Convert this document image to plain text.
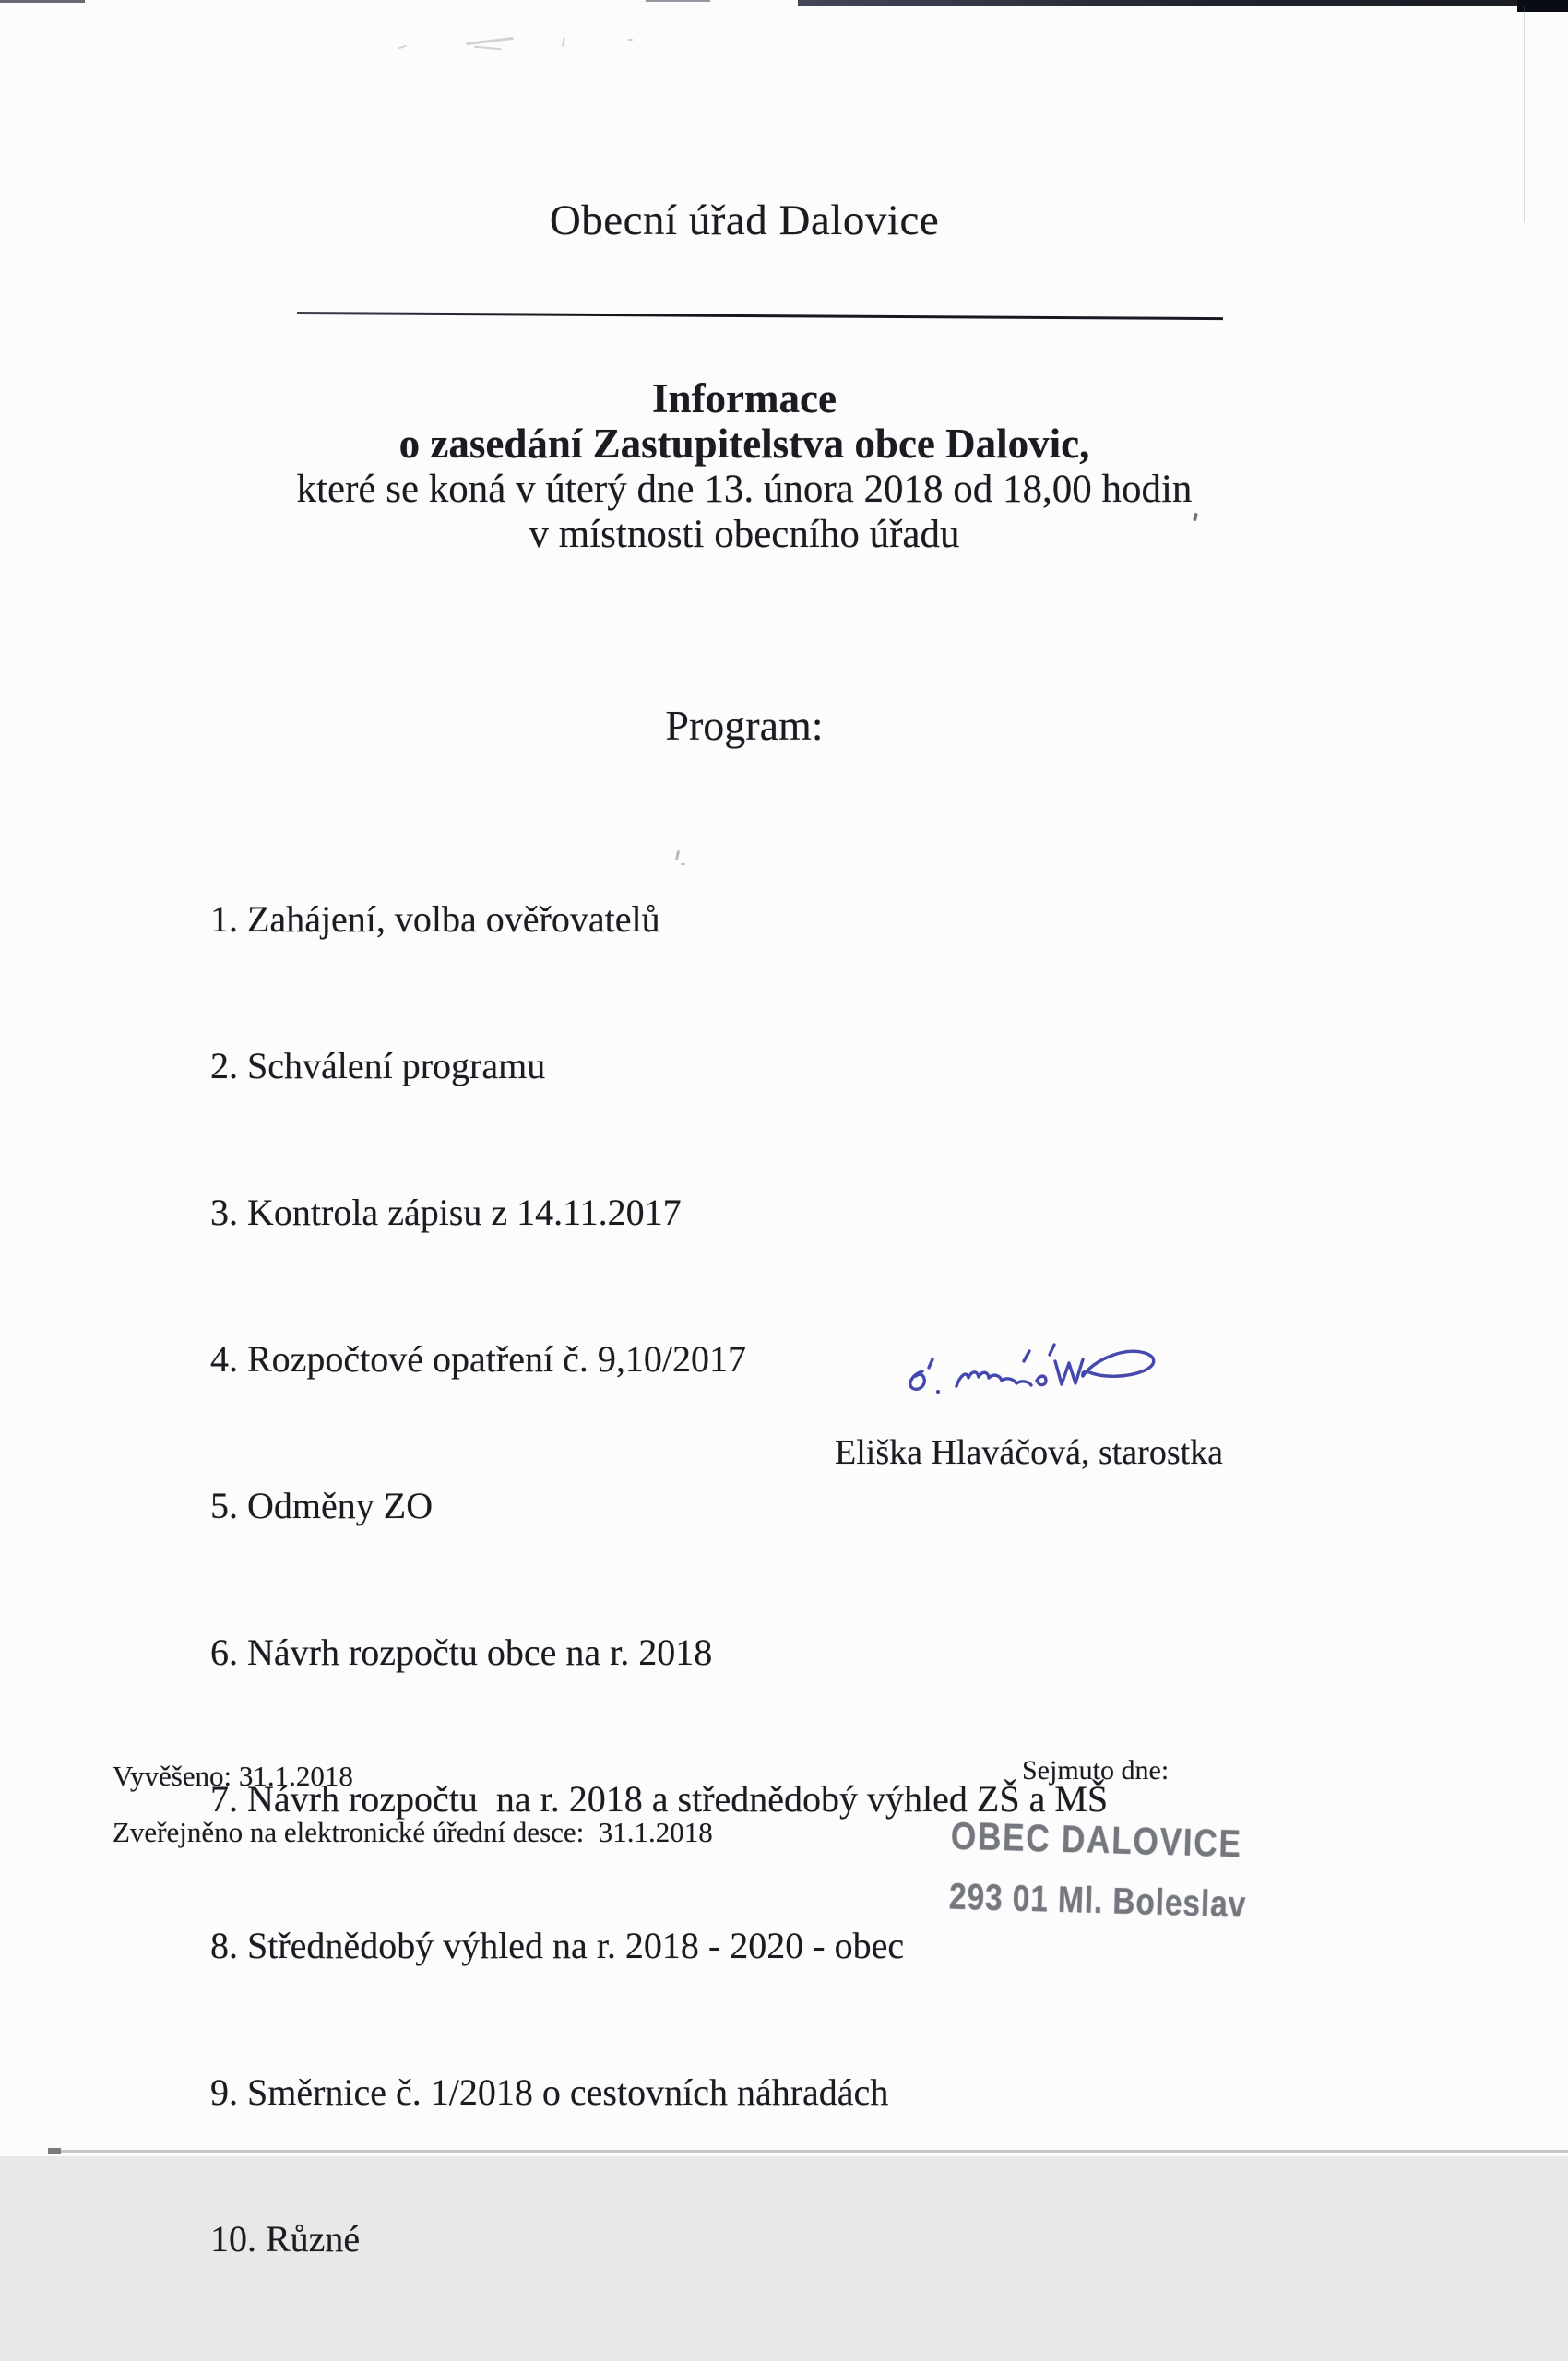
Obecní úřad Dalovice
Informace
o zasedání Zastupitelstva obce Dalovic,
které se koná v úterý dne 13. února 2018 od 18,00 hodin
v místnosti obecního úřadu
Program:

1. Zahájení, volba ověřovatelů

2. Schválení programu

3. Kontrola zápisu z 14.11.2017

4. Rozpočtové opatření č. 9,10/2017

5. Odměny ZO

6. Návrh rozpočtu obce na r. 2018

7. Návrh rozpočtu  na r. 2018 a střednědobý výhled ZŠ a MŠ

8. Střednědobý výhled na r. 2018 - 2020 - obec

9. Směrnice č. 1/2018 o cestovních náhradách

10. Různé

Eliška Hlaváčová, starostka
Vyvěšeno: 31.1.2018
Zveřejněno na elektronické úřední desce:  31.1.2018
Sejmuto dne:

OBEC DALOVICE

293 01 Ml. Boleslav
